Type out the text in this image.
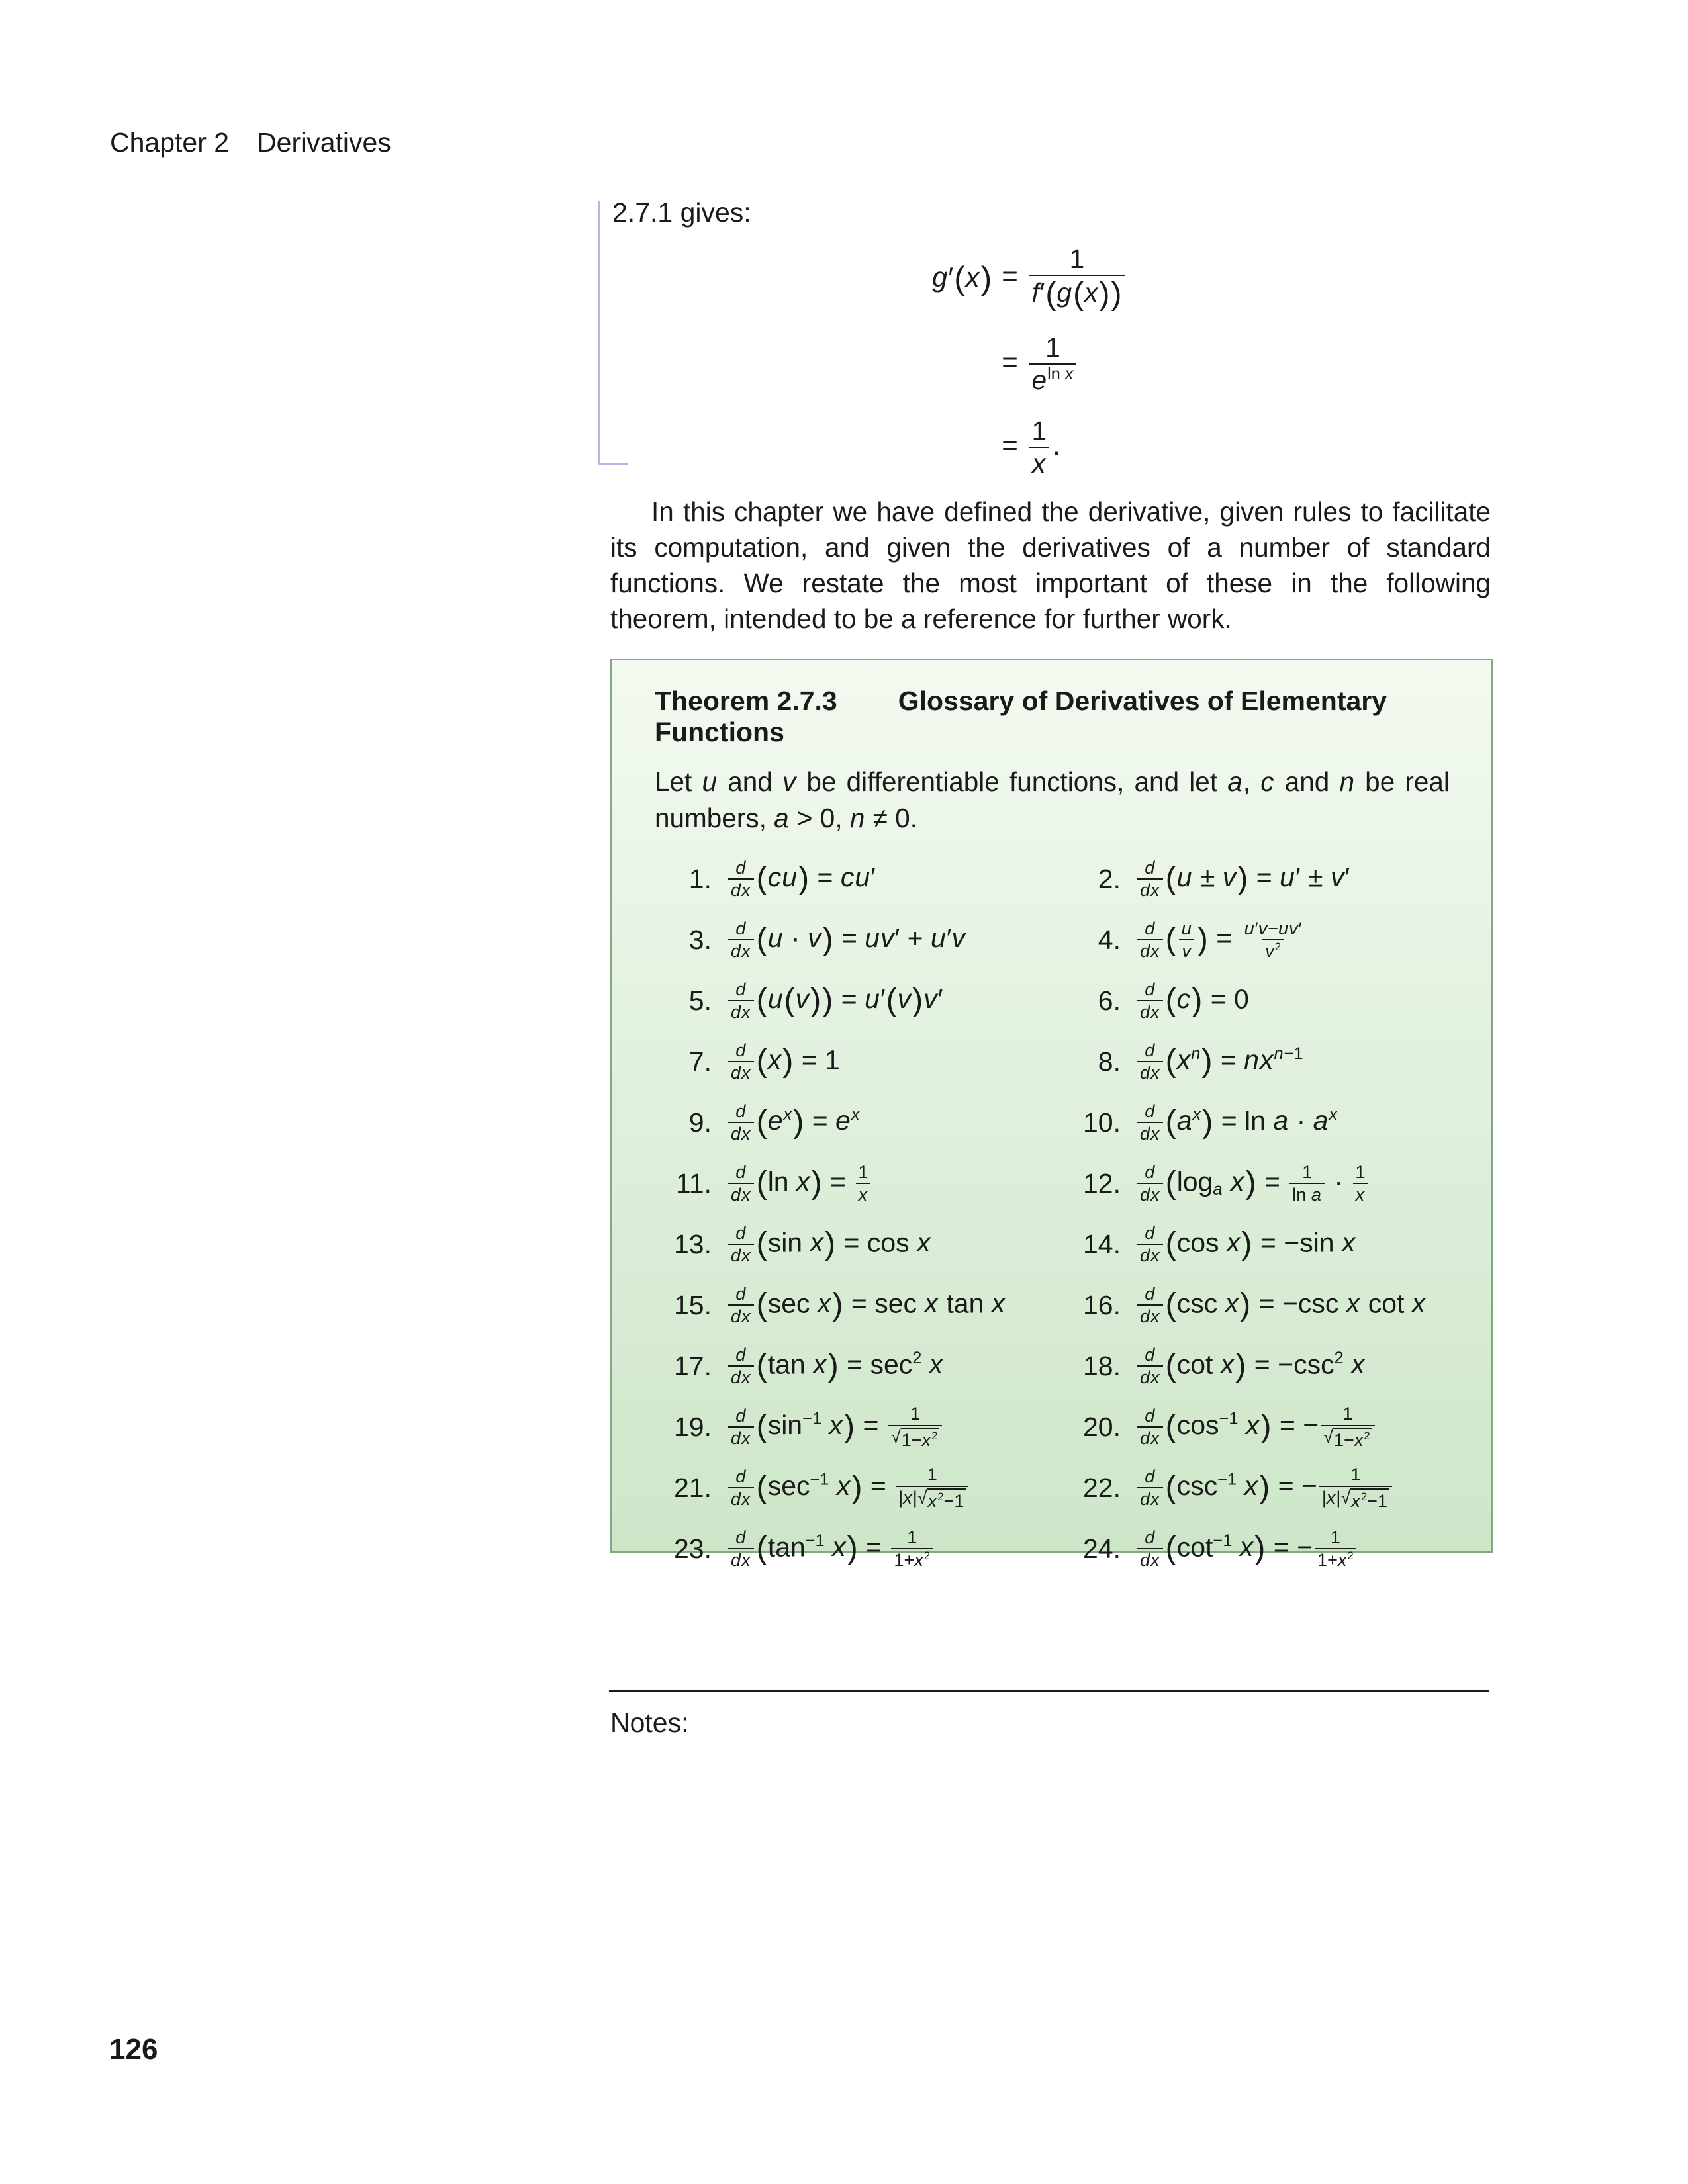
Chapter 2 Derivatives
2.7.1 gives:
$g'(x) = \frac{1}{f'(g(x))}$
= $\frac{1}{e^{ln x}}$
= $\frac{1}{x}$ .
In this chapter we have defined the derivative, given rules to facilitate its computation, and given the derivatives of a number of standard functions. We restate the most important of these in the following theorem, intended to be a reference for further work.
Theorem 2.7.3 Glossary of Derivatives of Elementary Functions
Let u and v be differentiable functions, and let a, c and n be real numbers, a > 0, n ≠ 0.
1. $\frac{d}{dx} (cu) = cu'$	2. $\frac{d}{dx} (u \pm v) = u' \pm v'$
3. $\frac{d}{dx} (u \cdot v) = uv' + u'v$	4. $\frac{d}{dx}$ ( $\frac{u}{v}$ ) = $\frac{u'v-uv'}{v^2}$
5. $\frac{d}{dx} (u(v)) = u'(v)v'$	6. $\frac{d}{dx} (c) = 0$
7. $\frac{d}{dx} (x) = 1$	8. $\frac{d}{dx} (x^n) = nx^{n-1}$
9. $\frac{d}{dx} (e^x) = e^x$	10. $\frac{d}{dx} (a^x) = \ln a \cdot a^x$
11. $\frac{d}{dx} (\ln$ $x) = \frac{1}{x}$	12. $\frac{d}{dx} (\log_a$ $x) = \frac{1}{\text{ln a}} \cdot \frac{1}{x}$
13. $\frac{d}{dx} (\sin$ x) = cos x	14. $\frac{d}{dx} (\cos$ x) = −sin x
15. $\frac{d}{dx} (\sec$ x) = sec x tan x	16. $\frac{d}{dx} (\csc$ x) = −csc x cot x
17. $\frac{d}{dx} (\tan$ $x) = \sec^2 x$	18. $\frac{d}{dx} (\cot$ $x) = -\csc^2$ x
19. $\frac{d}{dx} (\sin^{-1}$ $x) = \frac{1}{√ 1-x^2}$	20. $\frac{d}{dx} (\cos^{-1}$ x) = − $\frac{1}{√ 1-x^2}$
21. $\frac{d}{dx} (\sec^{-1}$ $x) = \frac{1}{|x| √ x^2-1}$	22. $\frac{d}{dx} (\csc^{-1}$ x) = − $\frac{1}{|x| √ x^2-1}$
23. $\frac{d}{dx} (\tan^{-1}$ $x) = \frac{1}{1+x^2}$	24. $\frac{d}{dx} (\cot^{-1}$ x) = − $\frac{1}{1+x^2}$
Notes:
126
